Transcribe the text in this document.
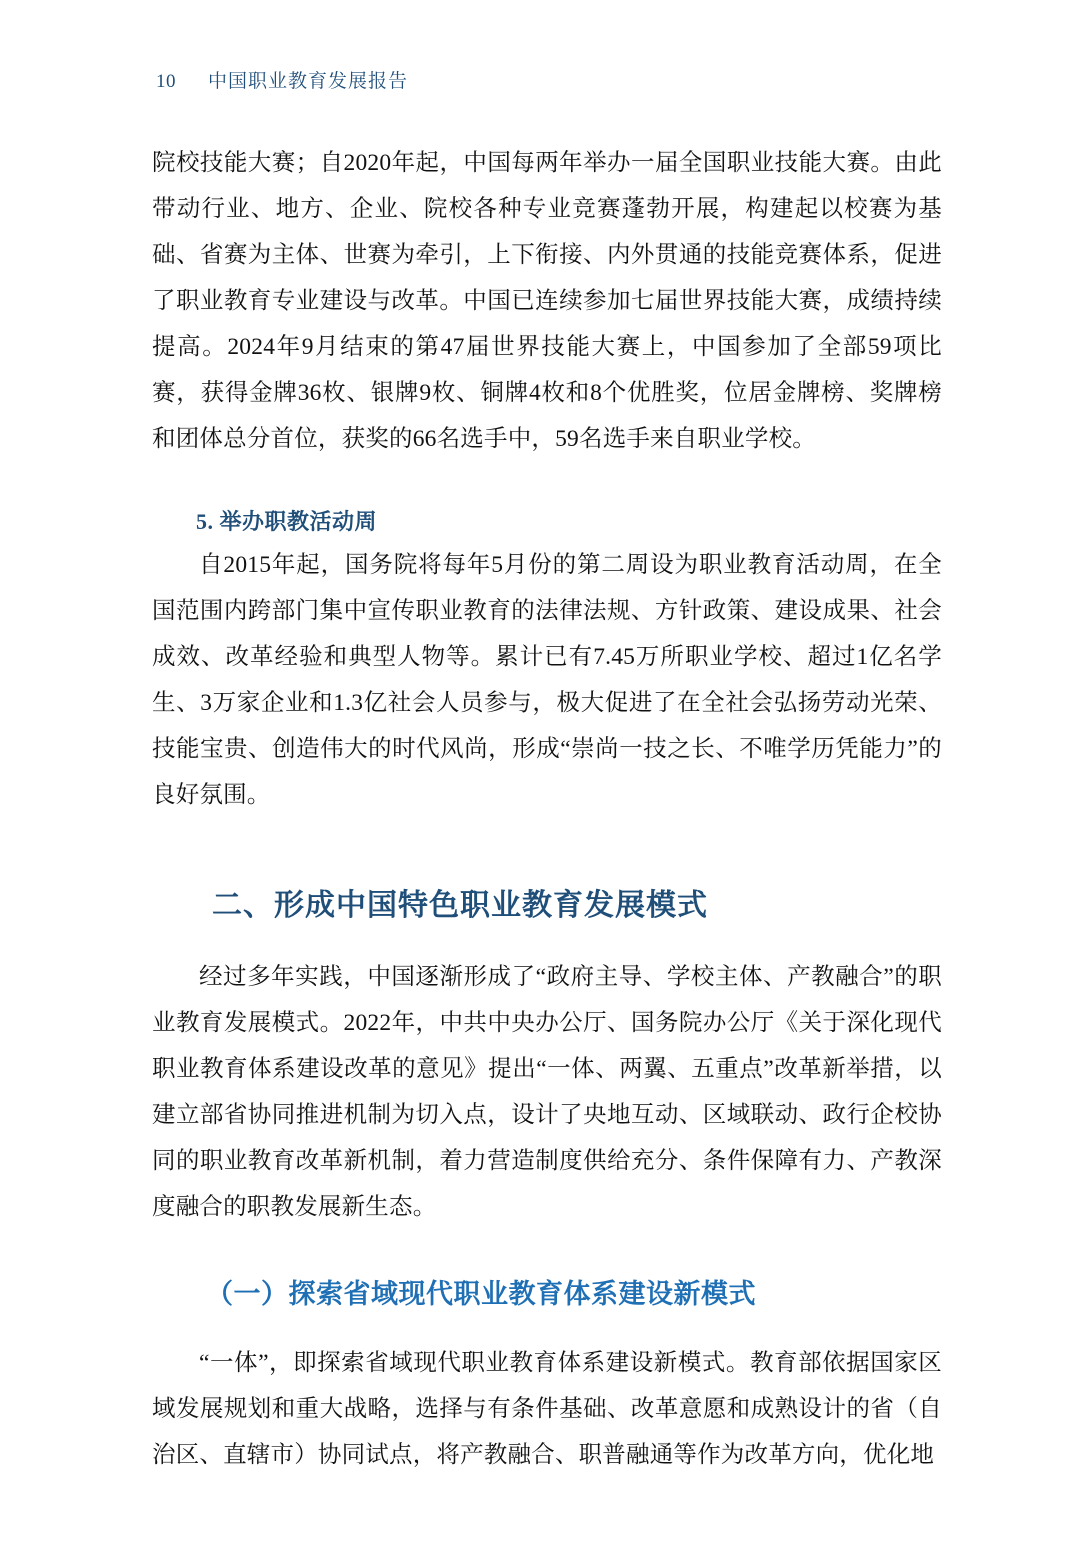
10 中国职业教育发展报告

院校技能大赛；自2020年起，中国每两年举办一届全国职业技能大赛。由此带动行业、地方、企业、院校各种专业竞赛蓬勃开展，构建起以校赛为基础、省赛为主体、世赛为牵引，上下衔接、内外贯通的技能竞赛体系，促进了职业教育专业建设与改革。中国已连续参加七届世界技能大赛，成绩持续提高。2024年9月结束的第47届世界技能大赛上，中国参加了全部59项比赛，获得金牌36枚、银牌9枚、铜牌4枚和8个优胜奖，位居金牌榜、奖牌榜和团体总分首位，获奖的66名选手中，59名选手来自职业学校。

5. 举办职教活动周

自2015年起，国务院将每年5月份的第二周设为职业教育活动周，在全国范围内跨部门集中宣传职业教育的法律法规、方针政策、建设成果、社会成效、改革经验和典型人物等。累计已有7.45万所职业学校、超过1亿名学生、3万家企业和1.3亿社会人员参与，极大促进了在全社会弘扬劳动光荣、技能宝贵、创造伟大的时代风尚，形成“崇尚一技之长、不唯学历凭能力”的良好氛围。

二、形成中国特色职业教育发展模式

经过多年实践，中国逐渐形成了“政府主导、学校主体、产教融合”的职业教育发展模式。2022年，中共中央办公厅、国务院办公厅《关于深化现代职业教育体系建设改革的意见》提出“一体、两翼、五重点”改革新举措，以建立部省协同推进机制为切入点，设计了央地互动、区域联动、政行企校协同的职业教育改革新机制，着力营造制度供给充分、条件保障有力、产教深度融合的职教发展新生态。

（一）探索省域现代职业教育体系建设新模式

“一体”，即探索省域现代职业教育体系建设新模式。教育部依据国家区域发展规划和重大战略，选择与有条件基础、改革意愿和成熟设计的省（自治区、直辖市）协同试点，将产教融合、职普融通等作为改革方向，优化地
